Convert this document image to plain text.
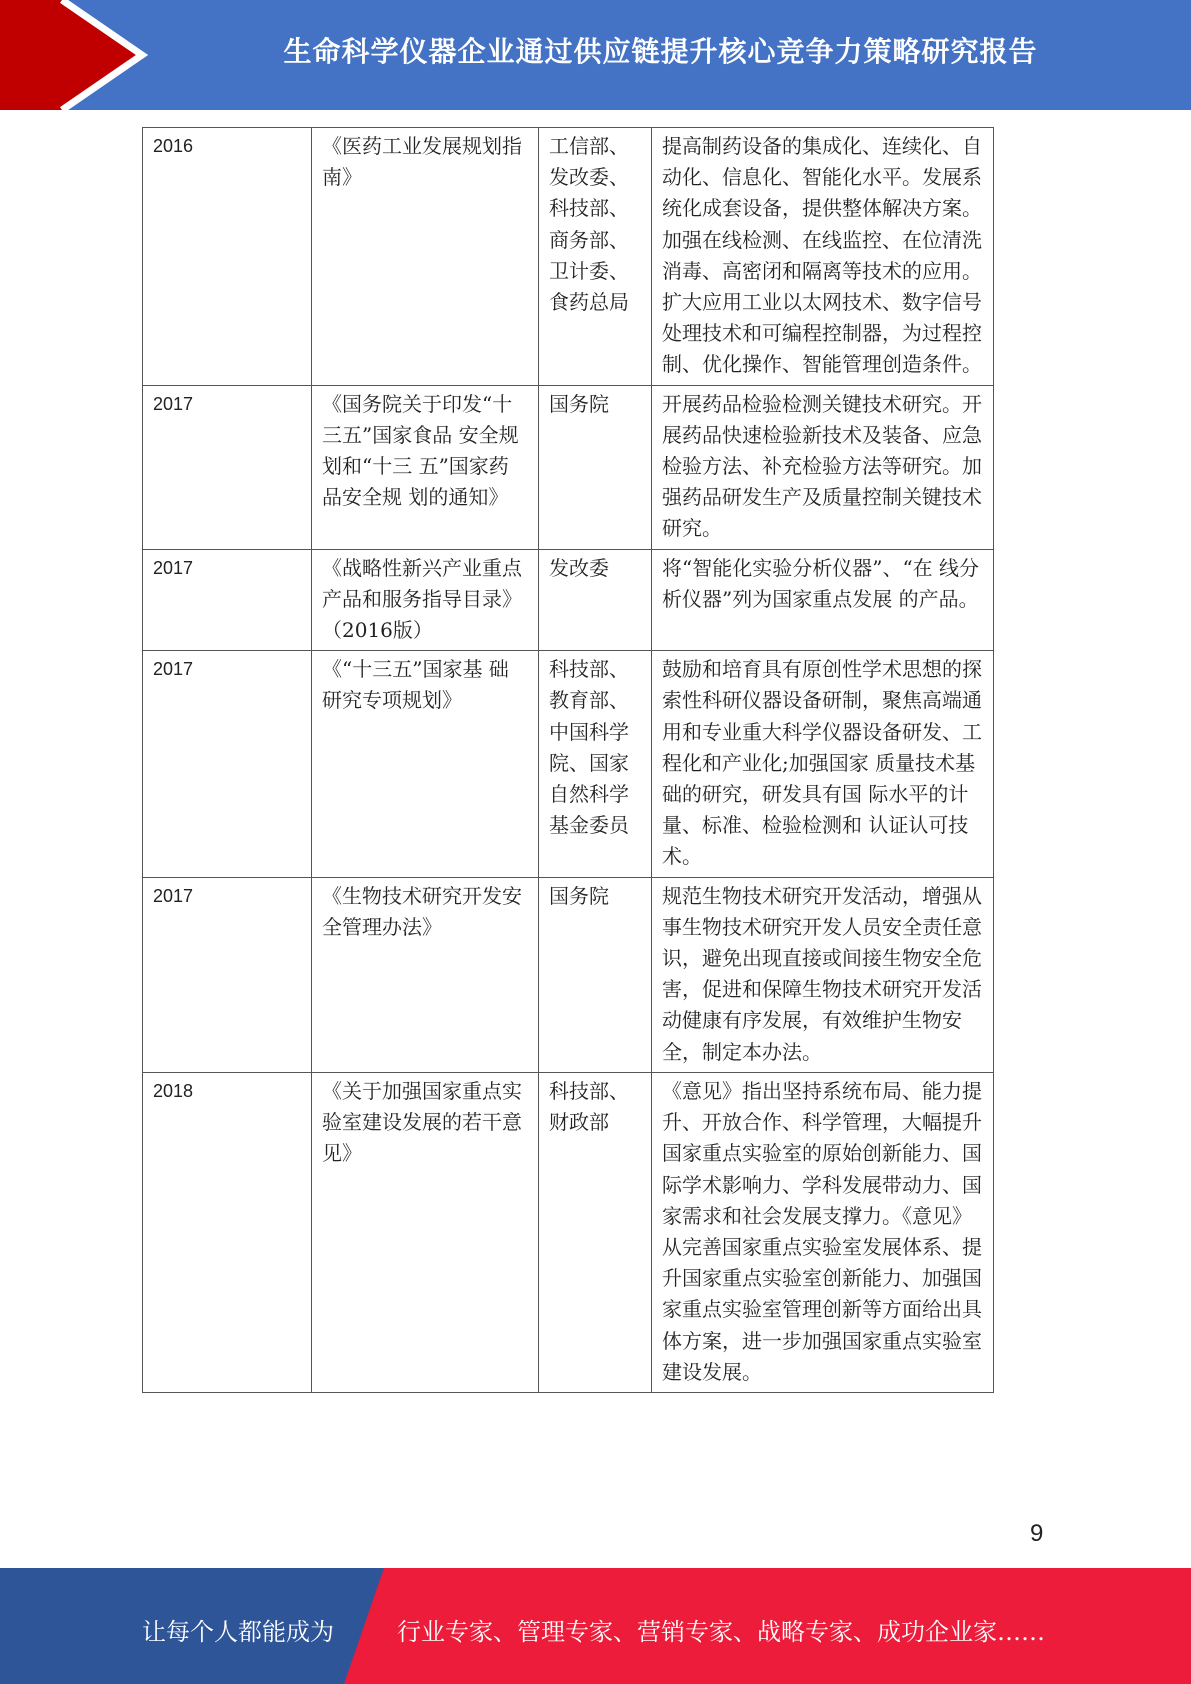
生命科学仪器企业通过供应链提升核心竞争力策略研究报告
2016	《医药工业发展规划指南》	工信部、发改委、科技部、商务部、卫计委、食药总局	提高制药设备的集成化、连续化、自动化、信息化、智能化水平。发展系统化成套设备，提供整体解决方案。加强在线检测、在线监控、在位清洗消毒、高密闭和隔离等技术的应用。扩大应用工业以太网技术、数字信号处理技术和可编程控制器，为过程控制、优化操作、智能管理创造条件。
2017	《国务院关于印发“十三五”国家食品 安全规划和“十三 五”国家药品安全规 划的通知》	国务院	开展药品检验检测关键技术研究。开展药品快速检验新技术及装备、应急检验方法、补充检验方法等研究。加强药品研发生产及质量控制关键技术研究。
2017	《战略性新兴产业重点产品和服务指导目录》（2016版）	发改委	将“智能化实验分析仪器”、“在 线分析仪器”列为国家重点发展 的产品。
2017	《“十三五”国家基 础研究专项规划》	科技部、教育部、中国科学院、国家自然科学基金委员	鼓励和培育具有原创性学术思想的探索性科研仪器设备研制，聚焦高端通用和专业重大科学仪器设备研发、工程化和产业化;加强国家 质量技术基础的研究，研发具有国 际水平的计量、标准、检验检测和 认证认可技术。
2017	《生物技术研究开发安全管理办法》	国务院	规范生物技术研究开发活动，增强从事生物技术研究开发人员安全责任意识，避免出现直接或间接生物安全危害，促进和保障生物技术研究开发活动健康有序发展，有效维护生物安全，制定本办法。
2018	《关于加强国家重点实验室建设发展的若干意见》	科技部、财政部	《意见》指出坚持系统布局、能力提升、开放合作、科学管理，大幅提升国家重点实验室的原始创新能力、国际学术影响力、学科发展带动力、国家需求和社会发展支撑力。《意见》从完善国家重点实验室发展体系、提升国家重点实验室创新能力、加强国家重点实验室管理创新等方面给出具体方案，进一步加强国家重点实验室建设发展。
9
让每个人都能成为	行业专家、管理专家、营销专家、战略专家、成功企业家……
